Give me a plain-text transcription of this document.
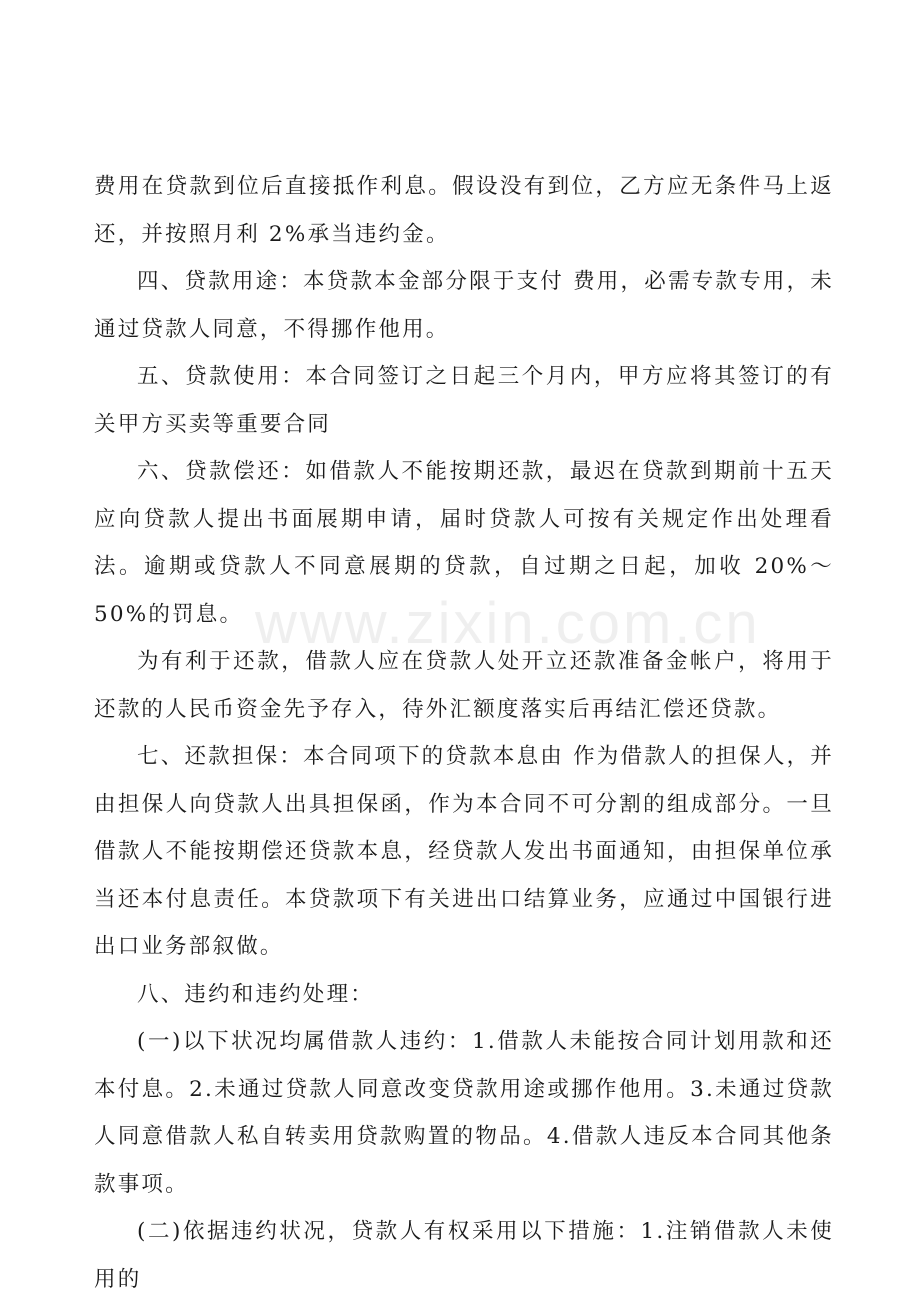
费用在贷款到位后直接抵作利息。假设没有到位，乙方应无条件马上返还，并按照月利 2%承当违约金。

四、贷款用途：本贷款本金部分限于支付 费用，必需专款专用，未通过贷款人同意，不得挪作他用。

五、贷款使用：本合同签订之日起三个月内，甲方应将其签订的有关甲方买卖等重要合同

六、贷款偿还：如借款人不能按期还款，最迟在贷款到期前十五天应向贷款人提出书面展期申请，届时贷款人可按有关规定作出处理看法。逾期或贷款人不同意展期的贷款，自过期之日起，加收 20%～50%的罚息。

为有利于还款，借款人应在贷款人处开立还款准备金帐户，将用于还款的人民币资金先予存入，待外汇额度落实后再结汇偿还贷款。

七、还款担保：本合同项下的贷款本息由 作为借款人的担保人，并由担保人向贷款人出具担保函，作为本合同不可分割的组成部分。一旦借款人不能按期偿还贷款本息，经贷款人发出书面通知，由担保单位承当还本付息责任。本贷款项下有关进出口结算业务，应通过中国银行进出口业务部叙做。

八、违约和违约处理：

(一)以下状况均属借款人违约：1.借款人未能按合同计划用款和还本付息。2.未通过贷款人同意改变贷款用途或挪作他用。3.未通过贷款人同意借款人私自转卖用贷款购置的物品。4.借款人违反本合同其他条款事项。

(二)依据违约状况，贷款人有权采用以下措施：1.注销借款人未使用的

www.zixin.com.cn
